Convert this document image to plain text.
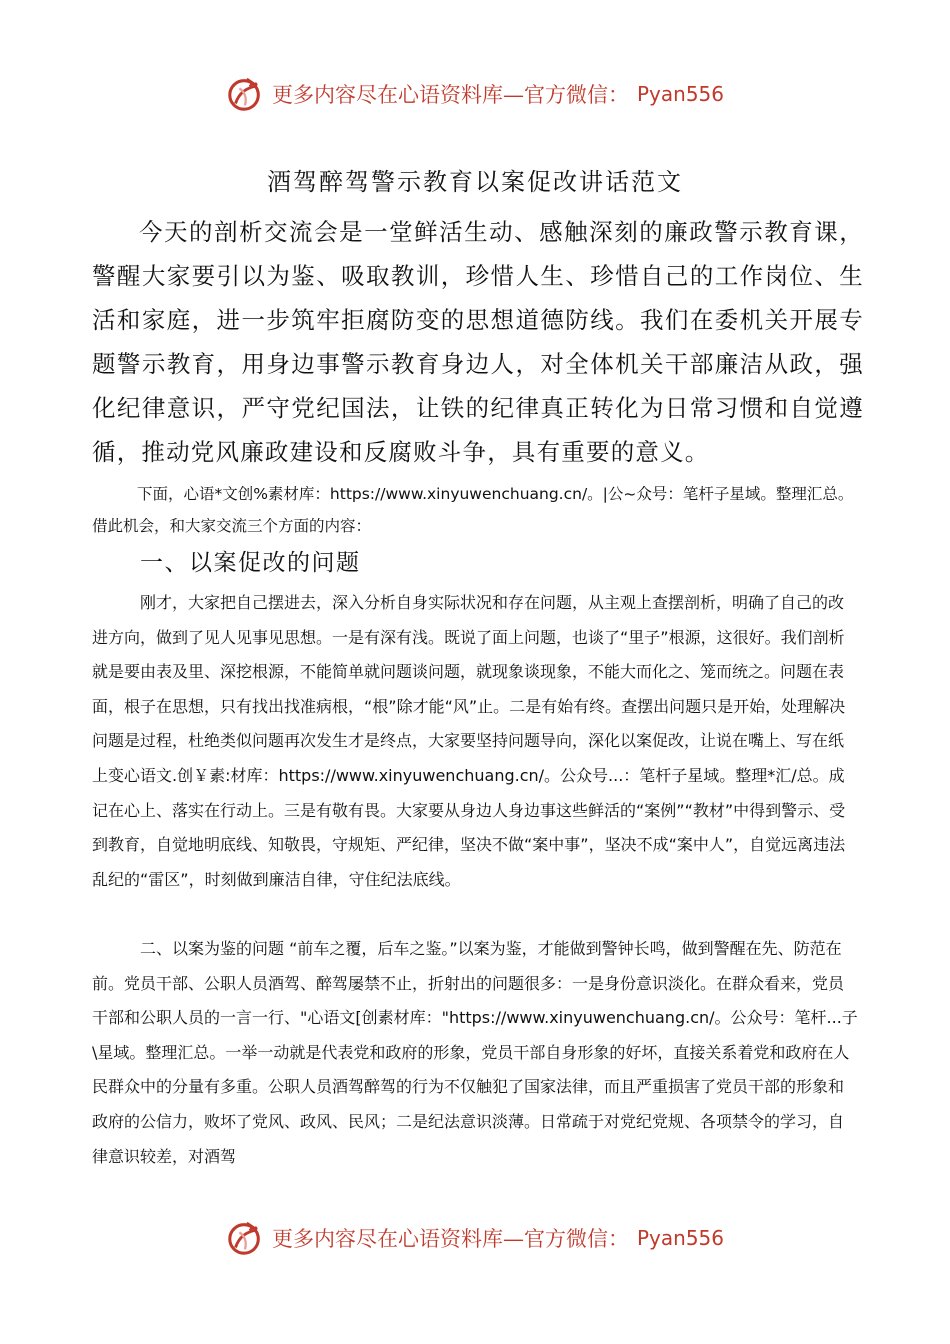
更多内容尽在心语资料库—官方微信： Pyan556
酒驾醉驾警示教育以案促改讲话范文

今天的剖析交流会是一堂鲜活生动、感触深刻的廉政警示教育课，警醒大家要引以为鉴、吸取教训，珍惜人生、珍惜自己的工作岗位、生活和家庭，进一步筑牢拒腐防变的思想道德防线。我们在委机关开展专题警示教育，用身边事警示教育身边人，对全体机关干部廉洁从政，强化纪律意识，严守党纪国法，让铁的纪律真正转化为日常习惯和自觉遵循，推动党风廉政建设和反腐败斗争，具有重要的意义。

下面，心语*文创%素材库：https://www.xinyuwenchuang.cn/。|公~众号：笔杆子星域。整理汇总。借此机会，和大家交流三个方面的内容：

一、以案促改的问题

刚才，大家把自己摆进去，深入分析自身实际状况和存在问题，从主观上查摆剖析，明确了自己的改进方向，做到了见人见事见思想。一是有深有浅。既说了面上问题，也谈了“里子”根源，这很好。我们剖析就是要由表及里、深挖根源，不能简单就问题谈问题，就现象谈现象，不能大而化之、笼而统之。问题在表面，根子在思想，只有找出找准病根，“根”除才能“风”止。二是有始有终。查摆出问题只是开始，处理解决问题是过程，杜绝类似问题再次发生才是终点，大家要坚持问题导向，深化以案促改，让说在嘴上、写在纸上变心语文.创￥素:材库：https://www.xinyuwenchuang.cn/。公众号...：笔杆子星域。整理*汇/总。成记在心上、落实在行动上。三是有敬有畏。大家要从身边人身边事这些鲜活的“案例”“教材”中得到警示、受到教育，自觉地明底线、知敬畏，守规矩、严纪律，坚决不做“案中事”，坚决不成“案中人”，自觉远离违法乱纪的“雷区”，时刻做到廉洁自律，守住纪法底线。

二、以案为鉴的问题 “前车之覆，后车之鉴。”以案为鉴，才能做到警钟长鸣，做到警醒在先、防范在前。党员干部、公职人员酒驾、醉驾屡禁不止，折射出的问题很多：一是身份意识淡化。在群众看来，党员干部和公职人员的一言一行、"心语文[创素材库："https://www.xinyuwenchuang.cn/。公众号：笔杆...子\星域。整理汇总。一举一动就是代表党和政府的形象，党员干部自身形象的好坏，直接关系着党和政府在人民群众中的分量有多重。公职人员酒驾醉驾的行为不仅触犯了国家法律，而且严重损害了党员干部的形象和政府的公信力，败坏了党风、政风、民风；二是纪法意识淡薄。日常疏于对党纪党规、各项禁令的学习，自律意识较差，对酒驾

更多内容尽在心语资料库—官方微信： Pyan556
